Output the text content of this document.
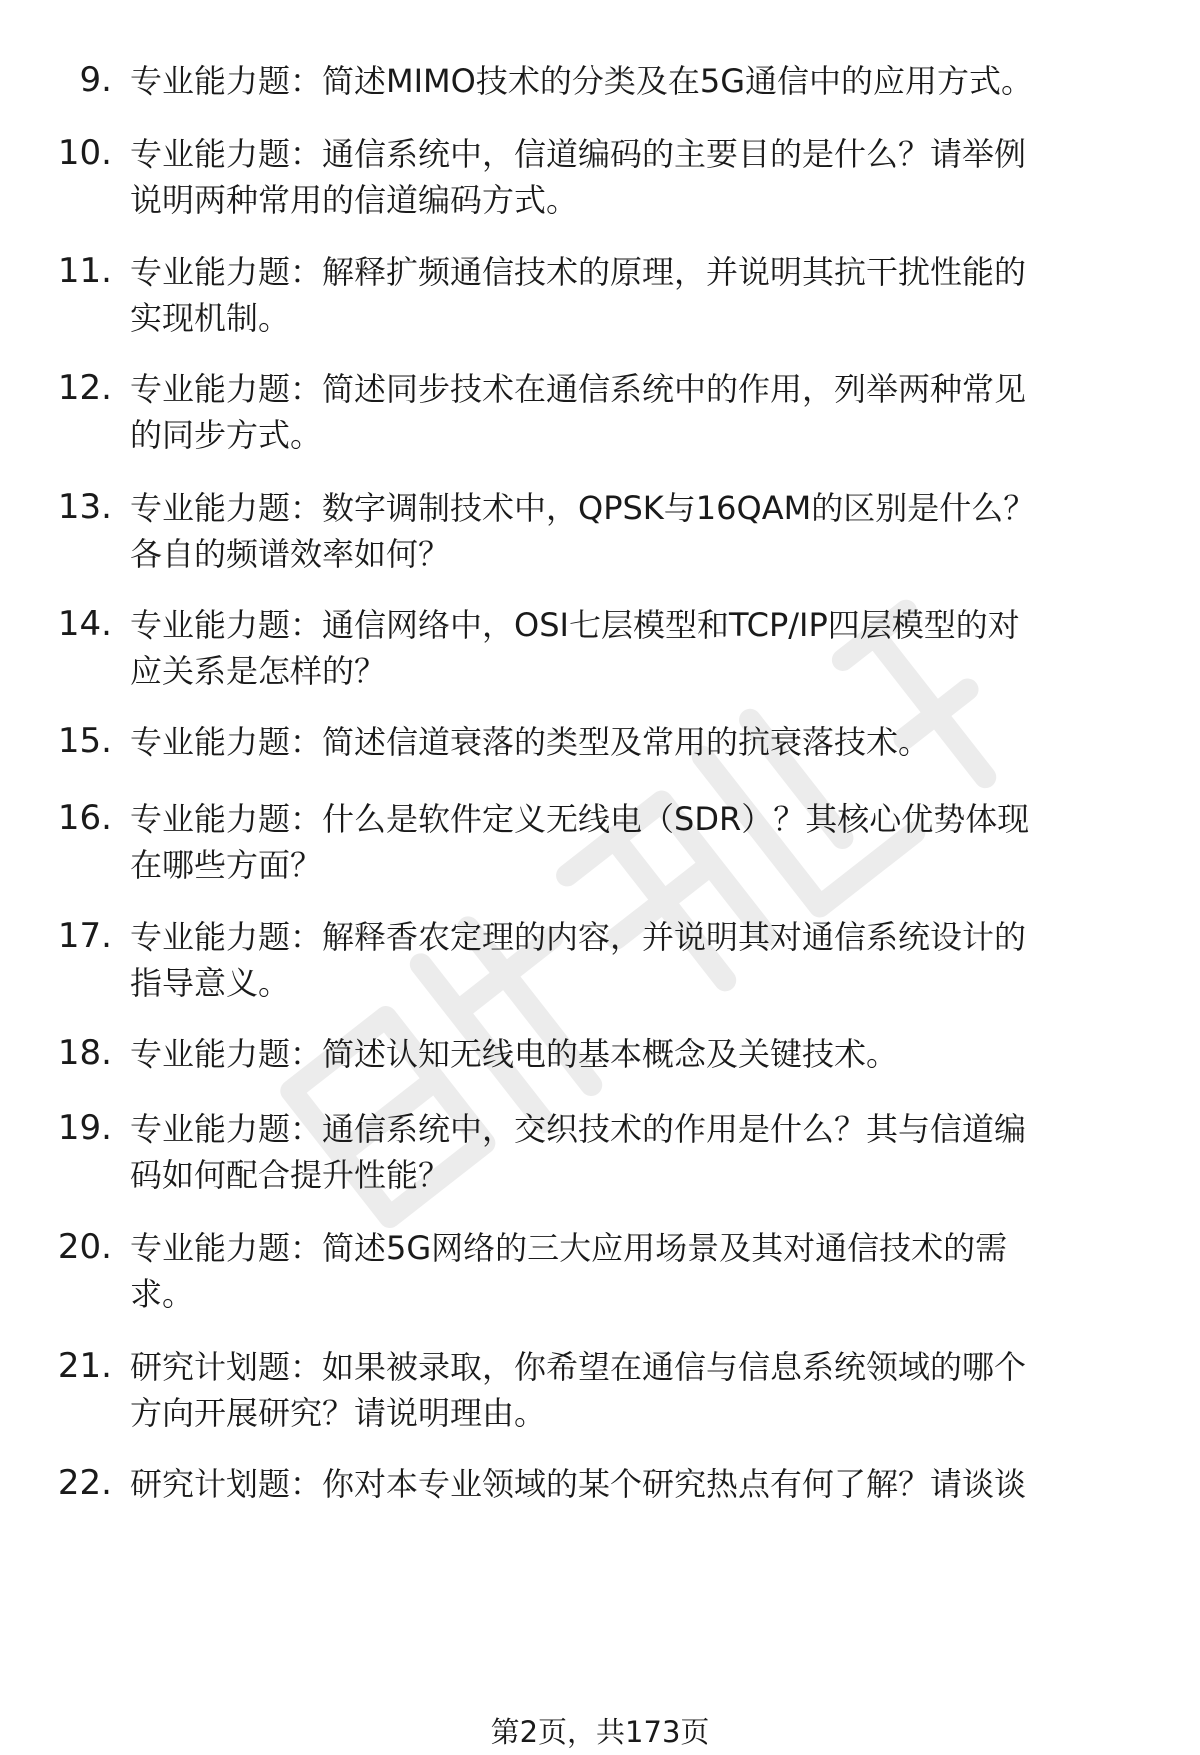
9. 专业能力题：简述MIMO技术的分类及在5G通信中的应用方式。
10. 专业能力题：通信系统中，信道编码的主要目的是什么？请举例
说明两种常用的信道编码方式。
11. 专业能力题：解释扩频通信技术的原理，并说明其抗干扰性能的
实现机制。
12. 专业能力题：简述同步技术在通信系统中的作用，列举两种常见
的同步方式。
13. 专业能力题：数字调制技术中，QPSK与16QAM的区别是什么？
各自的频谱效率如何？
14. 专业能力题：通信网络中，OSI七层模型和TCP/IP四层模型的对
应关系是怎样的？
15. 专业能力题：简述信道衰落的类型及常用的抗衰落技术。
16. 专业能力题：什么是软件定义无线电（SDR）？其核心优势体现
在哪些方面？
17. 专业能力题：解释香农定理的内容，并说明其对通信系统设计的
指导意义。
18. 专业能力题：简述认知无线电的基本概念及关键技术。
19. 专业能力题：通信系统中，交织技术的作用是什么？其与信道编
码如何配合提升性能？
20. 专业能力题：简述5G网络的三大应用场景及其对通信技术的需
求。
21. 研究计划题：如果被录取，你希望在通信与信息系统领域的哪个
方向开展研究？请说明理由。
22. 研究计划题：你对本专业领域的某个研究热点有何了解？请谈谈
第2页，共173页
